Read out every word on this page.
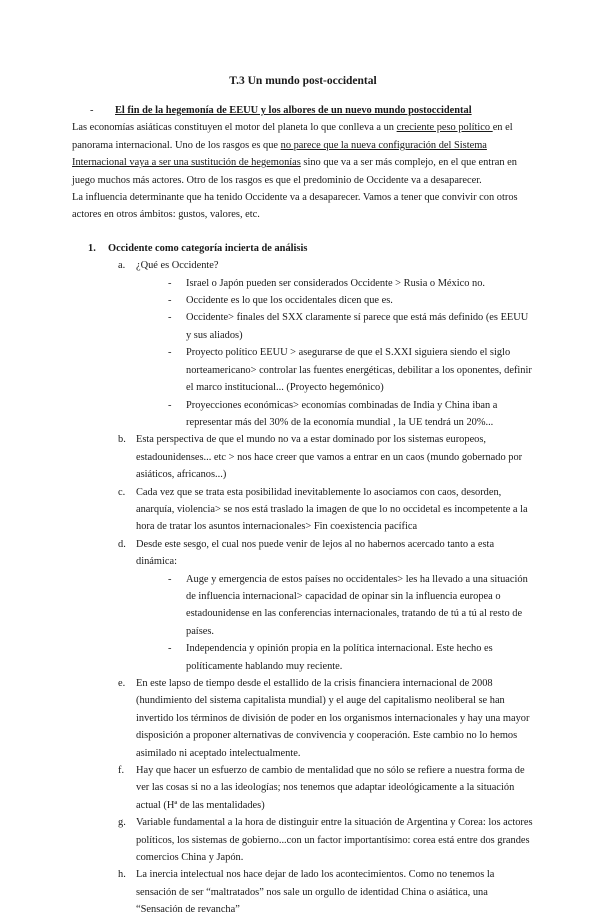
T.3 Un mundo post-occidental

- El fin de la hegemonía de EEUU y los albores de un nuevo mundo postoccidental

Las economías asiáticas constituyen el motor del planeta lo que conlleva a un creciente peso político en el panorama internacional. Uno de los rasgos es que no parece que la nueva configuración del Sistema Internacional vaya a ser una sustitución de hegemonías sino que va a ser más complejo, en el que entran en juego muchos más actores. Otro de los rasgos es que el predominio de Occidente va a desaparecer.

La influencia determinante que ha tenido Occidente va a desaparecer. Vamos a tener que convivir con otros actores en otros ámbitos: gustos, valores, etc.

1. Occidente como categoría incierta de análisis

a. ¿Qué es Occidente?

- Israel o Japón pueden ser considerados Occidente > Rusia o México no.

- Occidente es lo que los occidentales dicen que es.

- Occidente> finales del SXX claramente sí parece que está más definido (es EEUU y sus aliados)

- Proyecto político EEUU > asegurarse de que el S.XXI siguiera siendo el siglo norteamericano> controlar las fuentes energéticas, debilitar a los oponentes, definir el marco institucional... (Proyecto hegemónico)

- Proyecciones económicas> economías combinadas de India y China iban a representar más del 30% de la economía mundial , la UE tendrá un 20%...

b. Esta perspectiva de que el mundo no va a estar dominado por los sistemas europeos, estadounidenses... etc > nos hace creer que vamos a entrar en un caos (mundo gobernado por asiáticos, africanos...)

c. Cada vez que se trata esta posibilidad inevitablemente lo asociamos con caos, desorden, anarquía, violencia> se nos está traslado la imagen de que lo no occidetal es incompetente a la hora de tratar los asuntos internacionales> Fin coexistencia pacífica

d. Desde este sesgo, el cual nos puede venir de lejos al no habernos acercado tanto a esta dinámica:

- Auge y emergencia de estos países no occidentales> les ha llevado a una situación de influencia internacional> capacidad de opinar sin la influencia europea o estadounidense en las conferencias internacionales, tratando de tú a tú al resto de países.

- Independencia y opinión propia en la política internacional. Este hecho es políticamente hablando muy reciente.

e. En este lapso de tiempo desde el estallido de la crisis financiera internacional de 2008 (hundimiento del sistema capitalista mundial) y el auge del capitalismo neoliberal se han invertido los términos de división de poder en los organismos internacionales y hay una mayor disposición a proponer alternativas de convivencia y cooperación. Este cambio no lo hemos asimilado ni aceptado intelectualmente.

f. Hay que hacer un esfuerzo de cambio de mentalidad que no sólo se refiere a nuestra forma de ver las cosas si no a las ideologías; nos tenemos que adaptar ideológicamente a la situación actual (Hª de las mentalidades)

g. Variable fundamental a la hora de distinguir entre la situación de Argentina y Corea: los actores políticos, los sistemas de gobierno...con un factor importantísimo: corea está entre dos grandes comercios China y Japón.

h. La inercia intelectual nos hace dejar de lado los acontecimientos. Como no tenemos la sensación de ser “maltratados” nos sale un orgullo de identidad China o asiática, una “Sensación de revancha”
